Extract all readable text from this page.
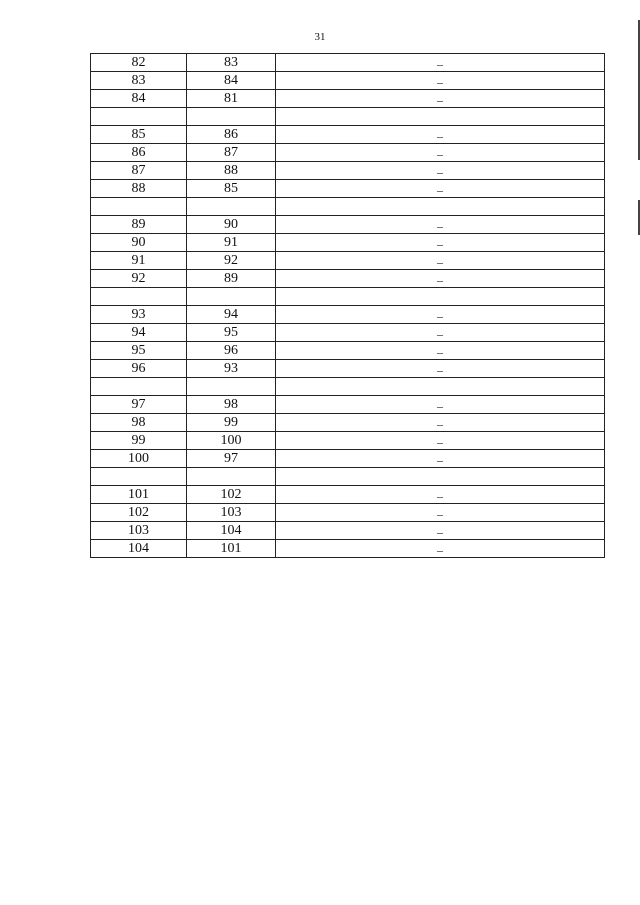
31
82	83	–
83	84	–
84	81	–

85	86	–
86	87	–
87	88	–
88	85	–

89	90	–
90	91	–
91	92	–
92	89	–

93	94	–
94	95	–
95	96	–
96	93	–

97	98	–
98	99	–
99	100	–
100	97	–

101	102	–
102	103	–
103	104	–
104	101	–
